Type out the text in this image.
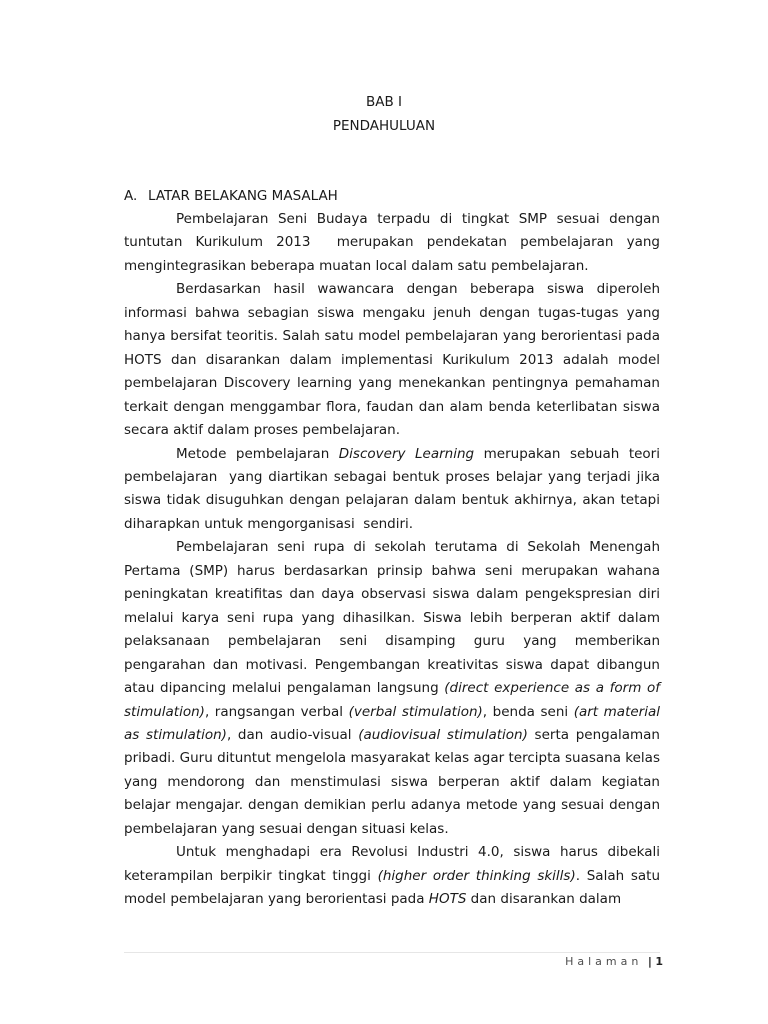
BAB I
PENDAHULUAN
A. LATAR BELAKANG MASALAH

Pembelajaran Seni Budaya terpadu di tingkat SMP sesuai dengan tuntutan Kurikulum 2013  merupakan pendekatan pembelajaran yang mengintegrasikan beberapa muatan local dalam satu pembelajaran.

Berdasarkan hasil wawancara dengan beberapa siswa diperoleh informasi bahwa sebagian siswa mengaku jenuh dengan tugas-tugas yang hanya bersifat teoritis. Salah satu model pembelajaran yang berorientasi pada HOTS dan disarankan dalam implementasi Kurikulum 2013 adalah model pembelajaran Discovery learning yang menekankan pentingnya pemahaman terkait dengan menggambar flora, faudan dan alam benda keterlibatan siswa secara aktif dalam proses pembelajaran.

Metode pembelajaran Discovery Learning merupakan sebuah teori pembelajaran  yang diartikan sebagai bentuk proses belajar yang terjadi jika siswa tidak disuguhkan dengan pelajaran dalam bentuk akhirnya, akan tetapi diharapkan untuk mengorganisasi  sendiri.

Pembelajaran seni rupa di sekolah terutama di Sekolah Menengah Pertama (SMP) harus berdasarkan prinsip bahwa seni merupakan wahana peningkatan kreatifitas dan daya observasi siswa dalam pengekspresian diri melalui karya seni rupa yang dihasilkan. Siswa lebih berperan aktif dalam pelaksanaan pembelajaran seni disamping guru yang memberikan pengarahan dan motivasi. Pengembangan kreativitas siswa dapat dibangun atau dipancing melalui pengalaman langsung (direct experience as a form of stimulation), rangsangan verbal (verbal stimulation), benda seni (art material as stimulation), dan audio-visual (audiovisual stimulation) serta pengalaman pribadi. Guru dituntut mengelola masyarakat kelas agar tercipta suasana kelas yang mendorong dan menstimulasi siswa berperan aktif dalam kegiatan belajar mengajar. dengan demikian perlu adanya metode yang sesuai dengan pembelajaran yang sesuai dengan situasi kelas.

Untuk menghadapi era Revolusi Industri 4.0, siswa harus dibekali keterampilan berpikir tingkat tinggi (higher order thinking skills). Salah satu model pembelajaran yang berorientasi pada HOTS dan disarankan dalam

Halaman | 1
